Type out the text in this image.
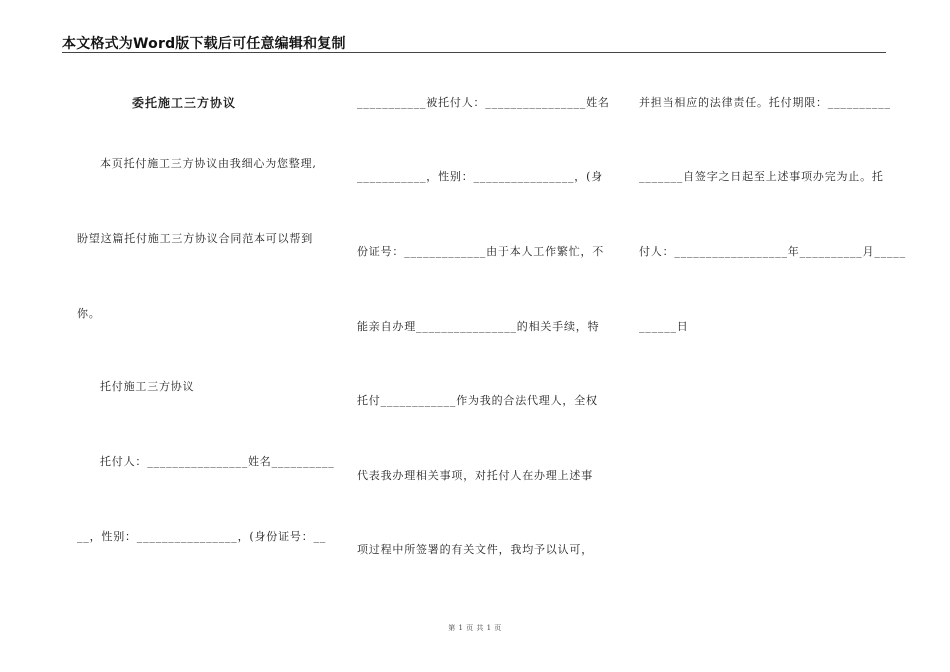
本文格式为Word版下载后可任意编辑和复制
委托施工三方协议
本页托付施工三方协议由我细心为您整理,
盼望这篇托付施工三方协议合同范本可以帮到
你。
托付施工三方协议
托付人：________________姓名__________
__，性别：________________，(身份证号：__
___________被托付人：________________姓名
___________，性别：________________，(身
份证号：_____________由于本人工作繁忙，不
能亲自办理________________的相关手续，特
托付____________作为我的合法代理人，全权
代表我办理相关事项，对托付人在办理上述事
项过程中所签署的有关文件，我均予以认可，
并担当相应的法律责任。托付期限：__________
_______自签字之日起至上述事项办完为止。托
付人：__________________年__________月_____
______日
第 1 页 共 1 页
